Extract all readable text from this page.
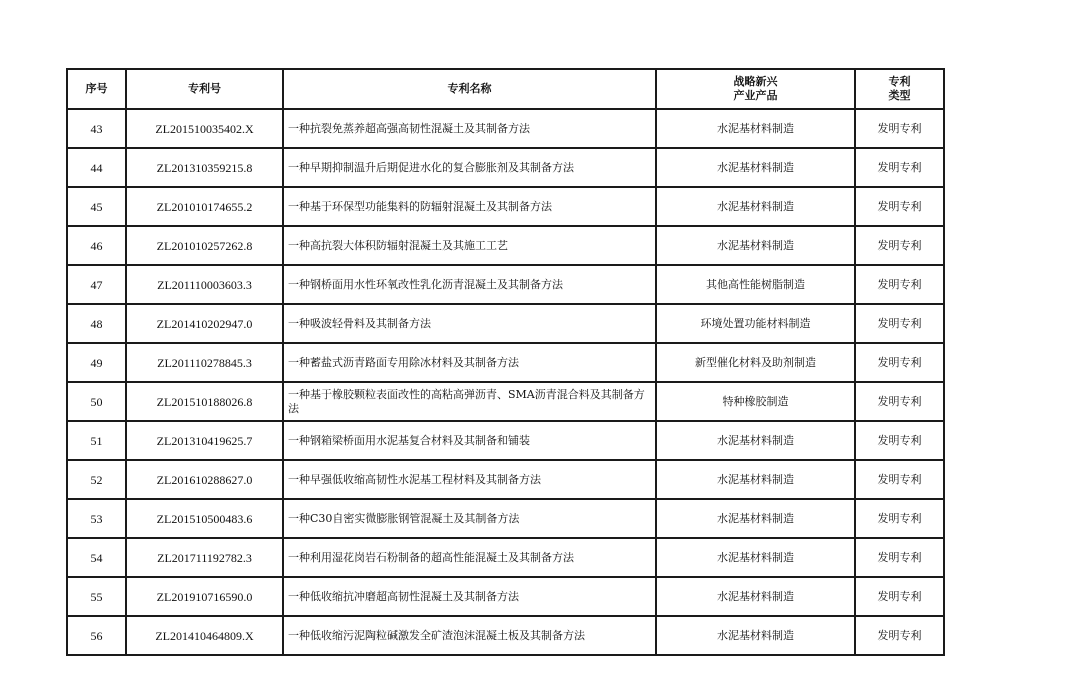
序号	专利号	专利名称	战略新兴产业产品	专利类型
43	ZL201510035402.X	一种抗裂免蒸养超高强高韧性混凝土及其制备方法	水泥基材料制造	发明专利
44	ZL201310359215.8	一种早期抑制温升后期促进水化的复合膨胀剂及其制备方法	水泥基材料制造	发明专利
45	ZL201010174655.2	一种基于环保型功能集料的防辐射混凝土及其制备方法	水泥基材料制造	发明专利
46	ZL201010257262.8	一种高抗裂大体积防辐射混凝土及其施工工艺	水泥基材料制造	发明专利
47	ZL201110003603.3	一种钢桥面用水性环氧改性乳化沥青混凝土及其制备方法	其他高性能树脂制造	发明专利
48	ZL201410202947.0	一种吸波轻骨料及其制备方法	环境处置功能材料制造	发明专利
49	ZL201110278845.3	一种蓄盐式沥青路面专用除冰材料及其制备方法	新型催化材料及助剂制造	发明专利
50	ZL201510188026.8	一种基于橡胶颗粒表面改性的高粘高弹沥青、SMA沥青混合料及其制备方法	特种橡胶制造	发明专利
51	ZL201310419625.7	一种钢箱梁桥面用水泥基复合材料及其制备和铺装	水泥基材料制造	发明专利
52	ZL201610288627.0	一种早强低收缩高韧性水泥基工程材料及其制备方法	水泥基材料制造	发明专利
53	ZL201510500483.6	一种C30自密实微膨胀钢管混凝土及其制备方法	水泥基材料制造	发明专利
54	ZL201711192782.3	一种利用湿花岗岩石粉制备的超高性能混凝土及其制备方法	水泥基材料制造	发明专利
55	ZL201910716590.0	一种低收缩抗冲磨超高韧性混凝土及其制备方法	水泥基材料制造	发明专利
56	ZL201410464809.X	一种低收缩污泥陶粒碱激发全矿渣泡沫混凝土板及其制备方法	水泥基材料制造	发明专利
